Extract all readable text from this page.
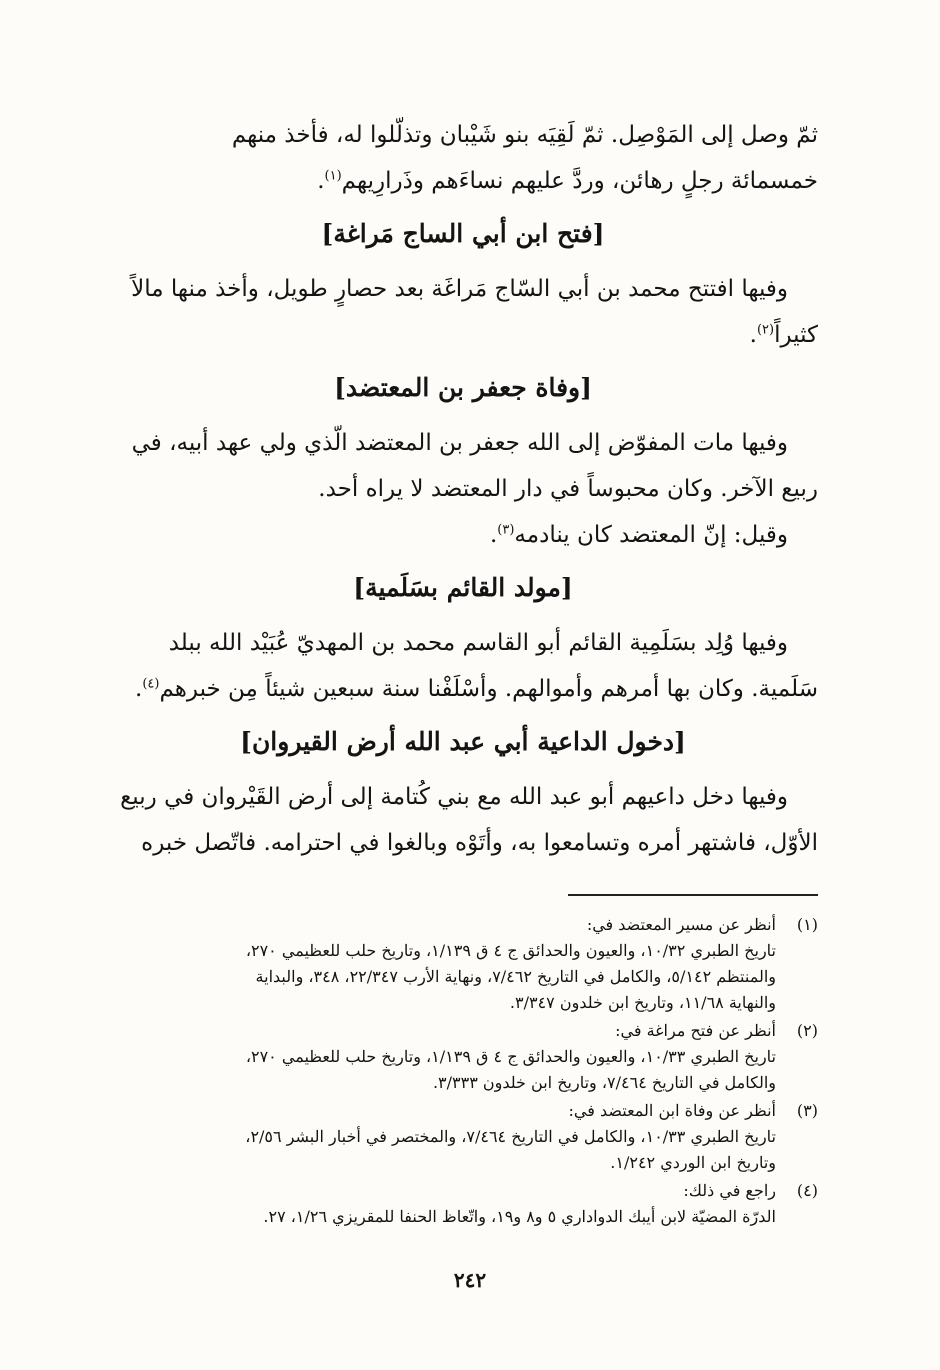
ثمّ وصل إلى المَوْصِل. ثمّ لَقِيَه بنو شَيْبان وتذلّلوا له، فأخذ منهم
خمسمائة رجلٍ رهائن، وردَّ عليهم نساءَهم وذَرارِيهم$^{(١)}$.

[فتح ابن أبي الساج مَراغة]

وفيها افتتح محمد بن أبي السّاج مَراغَة بعد حصارٍ طويل، وأخذ منها مالاً
كثيراً$^{(٢)}$.

[وفاة جعفر بن المعتضد]

وفيها مات المفوّض إلى الله جعفر بن المعتضد الّذي ولي عهد أبيه، في
ربيع الآخر. وكان محبوساً في دار المعتضد لا يراه أحد.
وقيل: إنّ المعتضد كان ينادمه$^{(٣)}$.

[مولد القائم بسَلَمية]

وفيها وُلِد بسَلَمِية القائم أبو القاسم محمد بن المهديّ عُبَيْد الله ببلد
سَلَمية. وكان بها أمرهم وأموالهم. وأسْلَفْنا سنة سبعين شيئاً مِن خبرهم$^{(٤)}$.

[دخول الداعية أبي عبد الله أرض القيروان]

وفيها دخل داعيهم أبو عبد الله مع بني كُتامة إلى أرض القَيْروان في ربيع
الأوّل، فاشتهر أمره وتسامعوا به، وأتَوْه وبالغوا في احترامه. فاتّصل خبره

(١)
أنظر عن مسير المعتضد في:
تاريخ الطبري ١٠/٣٢، والعيون والحدائق ج ٤ ق ١/١٣٩، وتاريخ حلب للعظيمي ٢٧٠،
والمنتظم ٥/١٤٢، والكامل في التاريخ ٧/٤٦٢، ونهاية الأرب ٢٢/٣٤٧، ٣٤٨، والبداية
والنهاية ١١/٦٨، وتاريخ ابن خلدون ٣/٣٤٧.
(٢)
أنظر عن فتح مراغة في:
تاريخ الطبري ١٠/٣٣، والعيون والحدائق ج ٤ ق ١/١٣٩، وتاريخ حلب للعظيمي ٢٧٠،
والكامل في التاريخ ٧/٤٦٤، وتاريخ ابن خلدون ٣/٣٣٣.
(٣)
أنظر عن وفاة ابن المعتضد في:
تاريخ الطبري ١٠/٣٣، والكامل في التاريخ ٧/٤٦٤، والمختصر في أخبار البشر ٢/٥٦،
وتاريخ ابن الوردي ١/٢٤٢.
(٤)
راجع في ذلك:
الدرّة المضيّة لابن أيبك الدواداري ٥ و٨ و١٩، واتّعاظ الحنفا للمقريزي ١/٢٦، ٢٧.
٢٤٢
